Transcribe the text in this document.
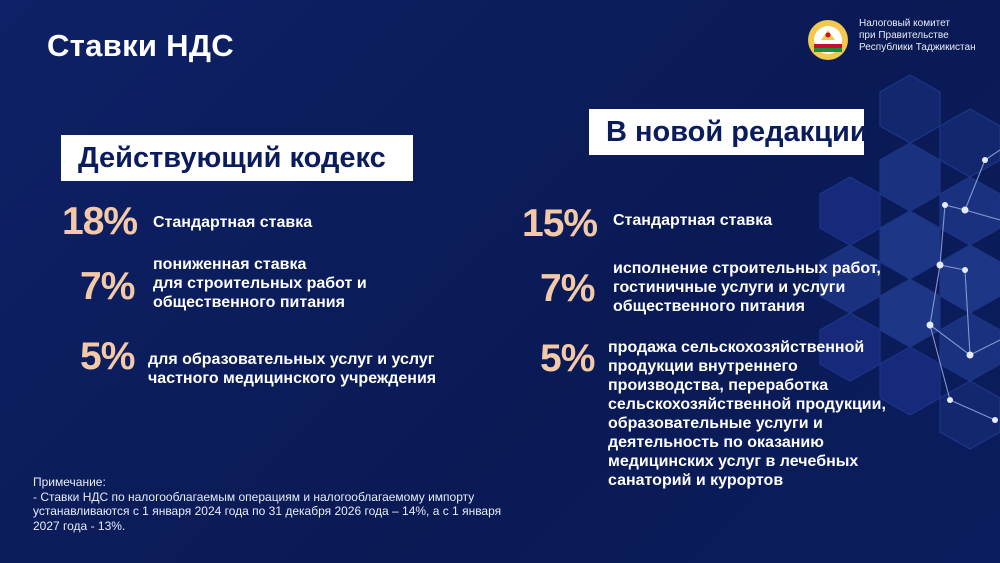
Ставки НДС
Налоговый комитет
при Правительстве
Республики Таджикистан
Действующий кодекс
18% Стандартная ставка
7%
пониженная ставка
для строительных работ и
общественного питания
5% для образовательных услуг и услуг
частного медицинского учреждения
В новой редакции
15% Стандартная ставка
7% исполнение строительных работ,
гостиничные услуги и услуги
общественного питания
5% продажа сельскохозяйственной
продукции внутреннего
производства, переработка
сельскохозяйственной продукции,
образовательные услуги и
деятельность по оказанию
медицинских услуг в лечебных
санаторий и курортов
Примечание:
- Ставки НДС по налогооблагаемым операциям и налогооблагаемому импорту
устанавливаются с 1 января 2024 года по 31 декабря 2026 года – 14%, а с 1 января
2027 года - 13%.
